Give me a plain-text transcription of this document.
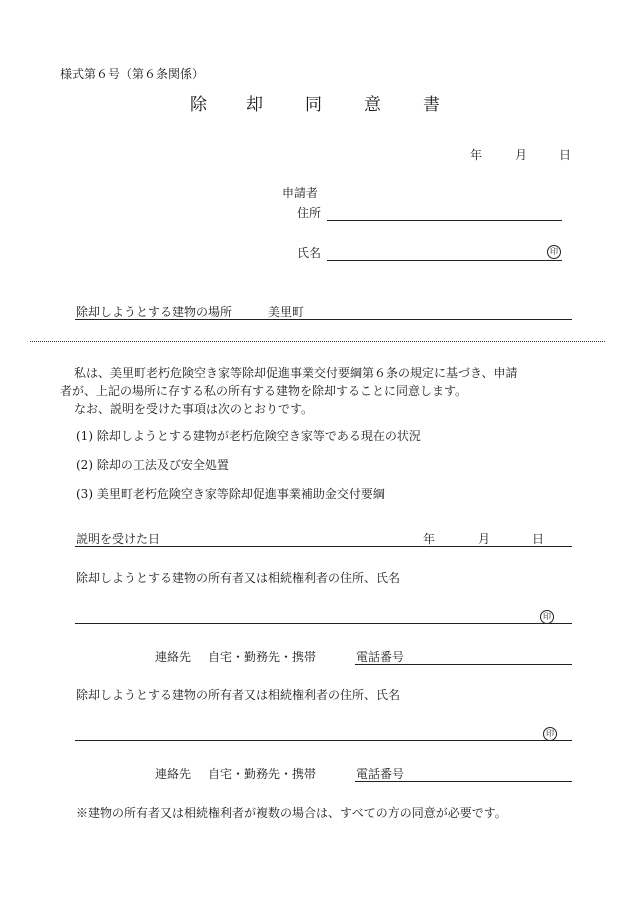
様式第６号（第６条関係）
除 却 同 意 書
年	月	日
申請者
住所
氏名	印
除却しようとする建物の場所	美里町

私は、美里町老朽危険空き家等除却促進事業交付要綱第６条の規定に基づき、申請

者が、上記の場所に存する私の所有する建物を除却することに同意します。

なお、説明を受けた事項は次のとおりです。

(1) 除却しようとする建物が老朽危険空き家等である現在の状況
(2) 除却の工法及び安全処置
(3) 美里町老朽危険空き家等除却促進事業補助金交付要綱
説明を受けた日	年	月	日
除却しようとする建物の所有者又は相続権利者の住所、氏名
印
連絡先 自宅・勤務先・携帯	電話番号
除却しようとする建物の所有者又は相続権利者の住所、氏名
印
連絡先 自宅・勤務先・携帯	電話番号
※建物の所有者又は相続権利者が複数の場合は、すべての方の同意が必要です。
